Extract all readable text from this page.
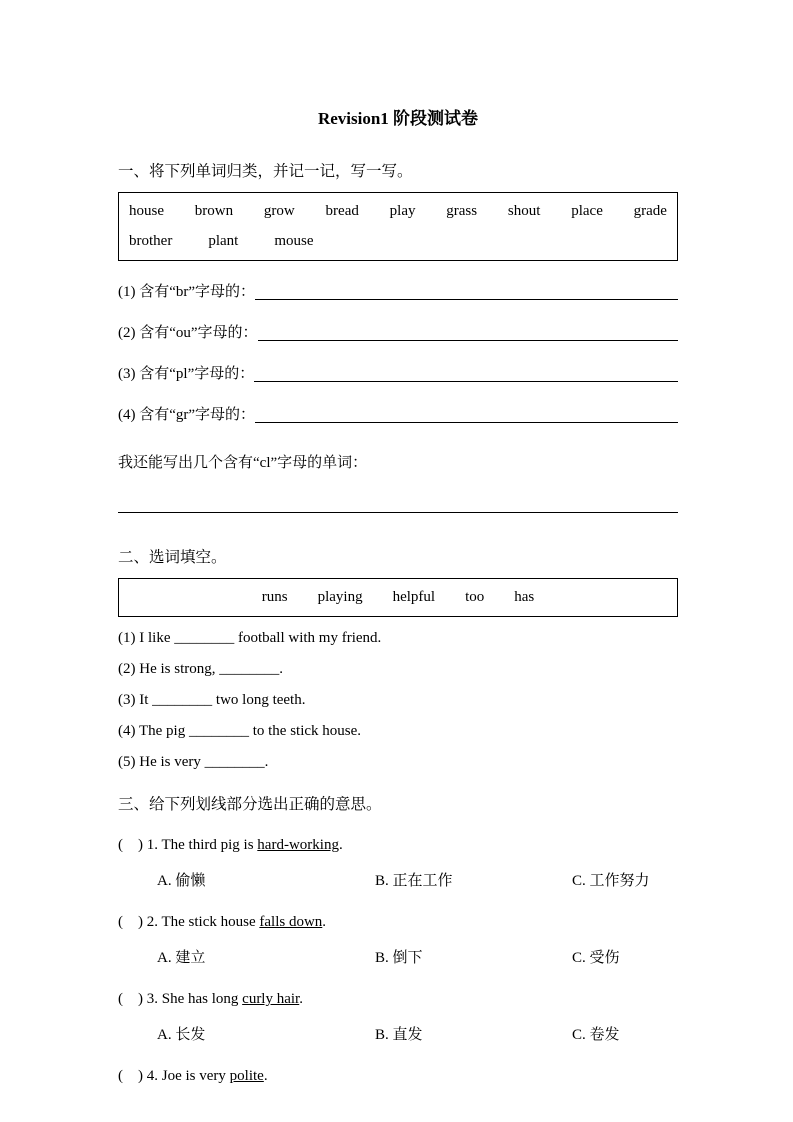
Revision1 阶段测试卷
一、将下列单词归类，并记一记，写一写。
house brown grow bread play grass shout place grade
brother plant mouse
(1) 含有“br”字母的：
(2) 含有“ou”字母的：
(3) 含有“pl”字母的：
(4) 含有“gr”字母的：
我还能写出几个含有“cl”字母的单词：
二、选词填空。
runs playing helpful too has
(1) I like ________ football with my friend.
(2) He is strong, ________.
(3) It ________ two long teeth.
(4) The pig ________ to the stick house.
(5) He is very ________.
三、给下列划线部分选出正确的意思。
(　) 1. The third pig is hard-working.
A. 偷懒	B. 正在工作	C. 工作努力
(　) 2. The stick house falls down.
A. 建立	B. 倒下	C. 受伤
(　) 3. She has long curly hair.
A. 长发	B. 直发	C. 卷发
(　) 4. Joe is very polite.
